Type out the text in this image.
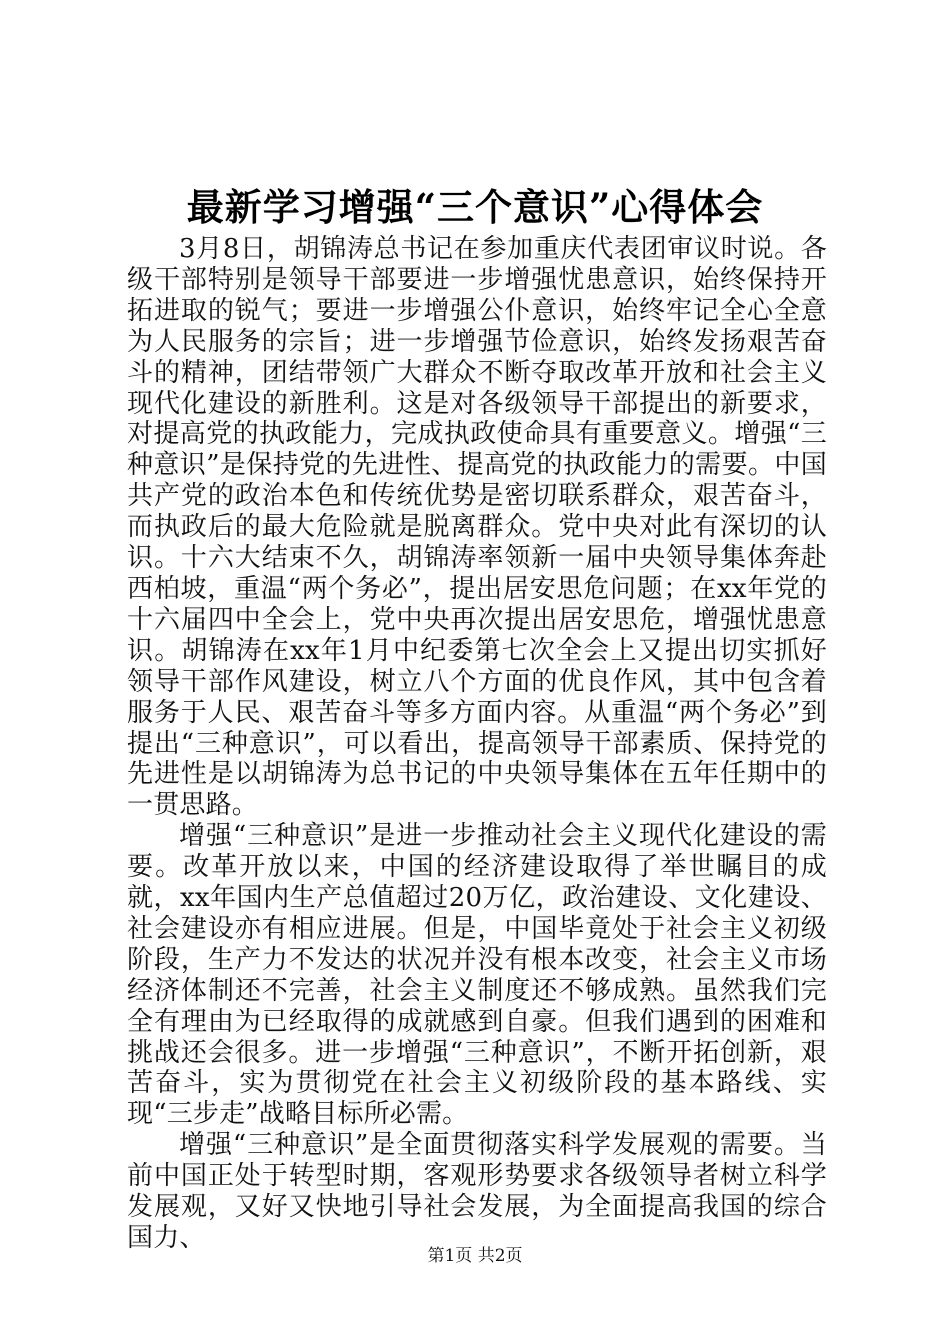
最新学习增强“三个意识”心得体会

3月8日，胡锦涛总书记在参加重庆代表团审议时说。各级干部特别是领导干部要进一步增强忧患意识，始终保持开拓进取的锐气；要进一步增强公仆意识，始终牢记全心全意为人民服务的宗旨；进一步增强节俭意识，始终发扬艰苦奋斗的精神，团结带领广大群众不断夺取改革开放和社会主义现代化建设的新胜利。这是对各级领导干部提出的新要求，对提高党的执政能力，完成执政使命具有重要意义。增强“三种意识”是保持党的先进性、提高党的执政能力的需要。中国共产党的政治本色和传统优势是密切联系群众，艰苦奋斗，而执政后的最大危险就是脱离群众。党中央对此有深切的认识。十六大结束不久，胡锦涛率领新一届中央领导集体奔赴西柏坡，重温“两个务必”，提出居安思危问题；在xx年党的十六届四中全会上，党中央再次提出居安思危，增强忧患意识。胡锦涛在xx年1月中纪委第七次全会上又提出切实抓好领导干部作风建设，树立八个方面的优良作风，其中包含着服务于人民、艰苦奋斗等多方面内容。从重温“两个务必”到提出“三种意识”，可以看出，提高领导干部素质、保持党的先进性是以胡锦涛为总书记的中央领导集体在五年任期中的一贯思路。

增强“三种意识”是进一步推动社会主义现代化建设的需要。改革开放以来，中国的经济建设取得了举世瞩目的成就，xx年国内生产总值超过20万亿，政治建设、文化建设、社会建设亦有相应进展。但是，中国毕竟处于社会主义初级阶段，生产力不发达的状况并没有根本改变，社会主义市场经济体制还不完善，社会主义制度还不够成熟。虽然我们完全有理由为已经取得的成就感到自豪。但我们遇到的困难和挑战还会很多。进一步增强“三种意识”，不断开拓创新，艰苦奋斗，实为贯彻党在社会主义初级阶段的基本路线、实现“三步走”战略目标所必需。

增强“三种意识”是全面贯彻落实科学发展观的需要。当前中国正处于转型时期，客观形势要求各级领导者树立科学发展观，又好又快地引导社会发展，为全面提高我国的综合国力、

第1页 共2页
